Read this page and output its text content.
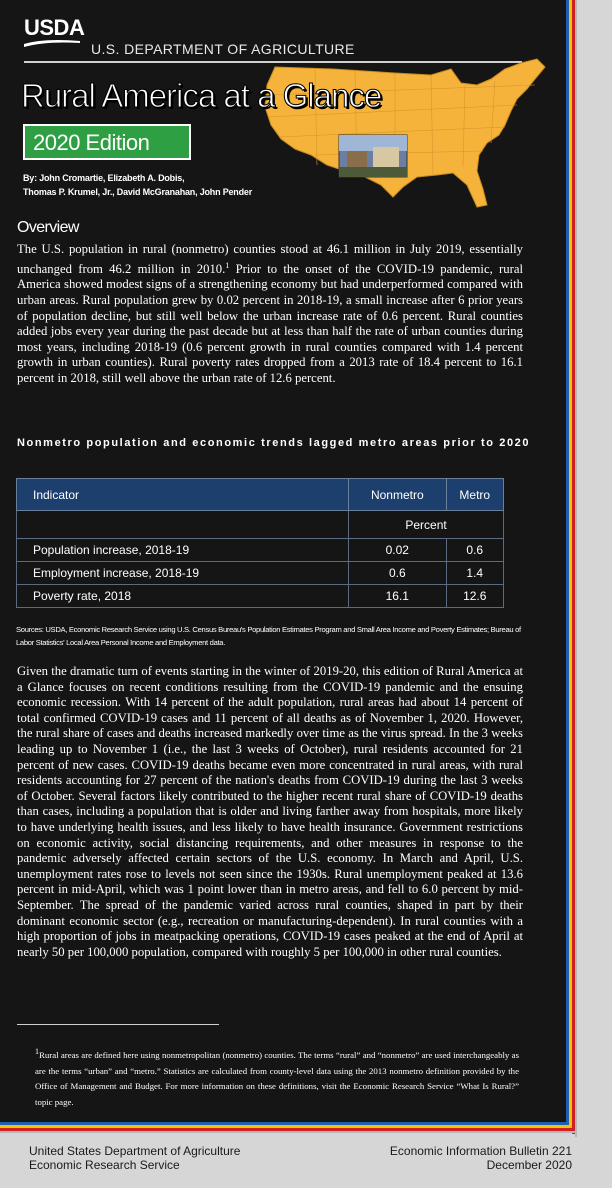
USDA
U.S. DEPARTMENT OF AGRICULTURE
Rural America at a Glance
2020 Edition
By: John Cromartie, Elizabeth A. Dobis,
Thomas P. Krumel, Jr., David McGranahan, John Pender
Overview

The U.S. population in rural (nonmetro) counties stood at 46.1 million in July 2019, essentially unchanged from 46.2 million in 2010.$^1$ Prior to the onset of the COVID-19 pandemic, rural America showed modest signs of a strengthening economy but had underperformed compared with urban areas. Rural population grew by 0.02 percent in 2018-19, a small increase after 6 prior years of population decline, but still well below the urban increase rate of 0.6 percent. Rural counties added jobs every year during the past decade but at less than half the rate of urban counties during most years, including 2018-19 (0.6 percent growth in rural counties compared with 1.4 percent growth in urban counties). Rural poverty rates dropped from a 2013 rate of 18.4 percent to 16.1 percent in 2018, still well above the urban rate of 12.6 percent.

Nonmetro population and economic trends lagged metro areas prior to 2020
Indicator	Nonmetro	Metro
	Percent	
Population increase, 2018-19	0.02	0.6
Employment increase, 2018-19	0.6	1.4
Poverty rate, 2018	16.1	12.6
Sources: USDA, Economic Research Service using U.S. Census Bureau's Population Estimates Program and Small Area Income and Poverty Estimates; Bureau of Labor Statistics' Local Area Personal Income and Employment data.

Given the dramatic turn of events starting in the winter of 2019-20, this edition of Rural America at a Glance focuses on recent conditions resulting from the COVID-19 pandemic and the ensuing economic recession. With 14 percent of the adult population, rural areas had about 14 percent of total confirmed COVID-19 cases and 11 percent of all deaths as of November 1, 2020. However, the rural share of cases and deaths increased markedly over time as the virus spread. In the 3 weeks leading up to November 1 (i.e., the last 3 weeks of October), rural residents accounted for 21 percent of new cases. COVID-19 deaths became even more concentrated in rural areas, with rural residents accounting for 27 percent of the nation's deaths from COVID-19 during the last 3 weeks of October. Several factors likely contributed to the higher recent rural share of COVID-19 deaths than cases, including a population that is older and living farther away from hospitals, more likely to have underlying health issues, and less likely to have health insurance. Government restrictions on economic activity, social distancing requirements, and other measures in response to the pandemic adversely affected certain sectors of the U.S. economy. In March and April, U.S. unemployment rates rose to levels not seen since the 1930s. Rural unemployment peaked at 13.6 percent in mid-April, which was 1 point lower than in metro areas, and fell to 6.0 percent by mid-September. The spread of the pandemic varied across rural counties, shaped in part by their dominant economic sector (e.g., recreation or manufacturing-dependent). In rural counties with a high proportion of jobs in meatpacking operations, COVID-19 cases peaked at the end of April at nearly 50 per 100,000 population, compared with roughly 5 per 100,000 in other rural counties.

$^1$Rural areas are defined here using nonmetropolitan (nonmetro) counties. The terms “rural” and “nonmetro” are used interchangeably as are the terms “urban” and “metro.” Statistics are calculated from county-level data using the 2013 nonmetro definition provided by the Office of Management and Budget. For more information on these definitions, visit the Economic Research Service “What Is Rural?” topic page.
United States Department of Agriculture
Economic Research Service
Economic Information Bulletin 221
December 2020
